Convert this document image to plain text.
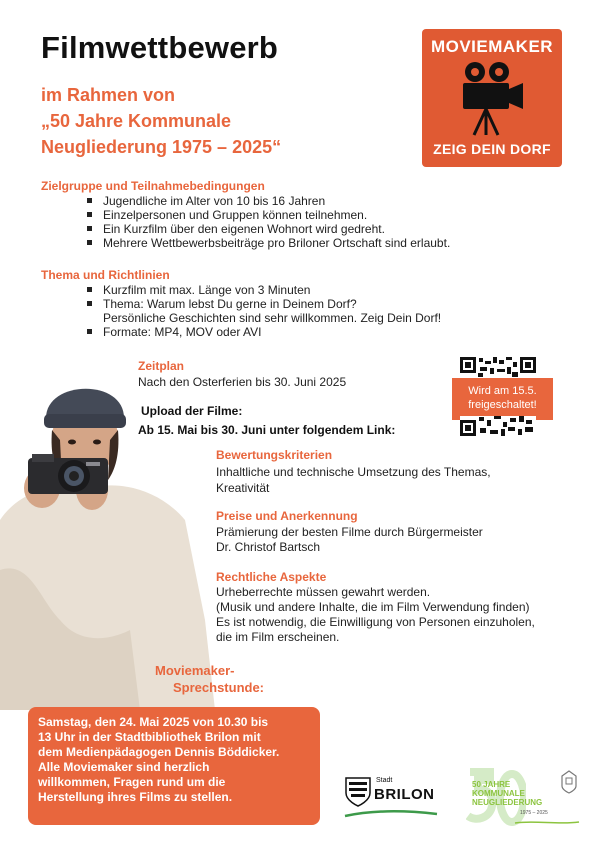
Filmwettbewerb
im Rahmen von
„50 Jahre Kommunale
Neugliederung 1975 – 2025“
MOVIEMAKER
ZEIG DEIN DORF
Zielgruppe und Teilnahmebedingungen
Jugendliche im Alter von 10 bis 16 Jahren
Einzelpersonen und Gruppen können teilnehmen.
Ein Kurzfilm über den eigenen Wohnort wird gedreht.
Mehrere Wettbewerbsbeiträge pro Briloner Ortschaft sind erlaubt.
Thema und Richtlinien
Kurzfilm mit max. Länge von 3 Minuten
Thema: Warum lebst Du gerne in Deinem Dorf?
Persönliche Geschichten sind sehr willkommen. Zeig Dein Dorf!
Formate: MP4, MOV oder AVI
Zeitplan
Nach den Osterferien bis 30. Juni 2025
Upload der Filme:
Ab 15. Mai bis 30. Juni unter folgendem Link:
Wird am 15.5.
freigeschaltet!
Bewertungskriterien
Inhaltliche und technische Umsetzung des Themas,
Kreativität
Preise und Anerkennung
Prämierung der besten Filme durch Bürgermeister
Dr. Christof Bartsch
Rechtliche Aspekte
Urheberrechte müssen gewahrt werden.
(Musik und andere Inhalte, die im Film Verwendung finden)
Es ist notwendig, die Einwilligung von Personen einzuholen,
die im Film erscheinen.
Moviemaker-
Sprechstunde:
Samstag, den 24. Mai 2025 von 10.30 bis
13 Uhr in der Stadtbibliothek Brilon mit
dem Medienpädagogen Dennis Böddicker.
Alle Moviemaker sind herzlich
willkommen, Fragen rund um die
Herstellung ihres Films zu stellen.
Stadt
BRILON
50 JAHRE
KOMMUNALE
NEUGLIEDERUNG
1975 – 2025
